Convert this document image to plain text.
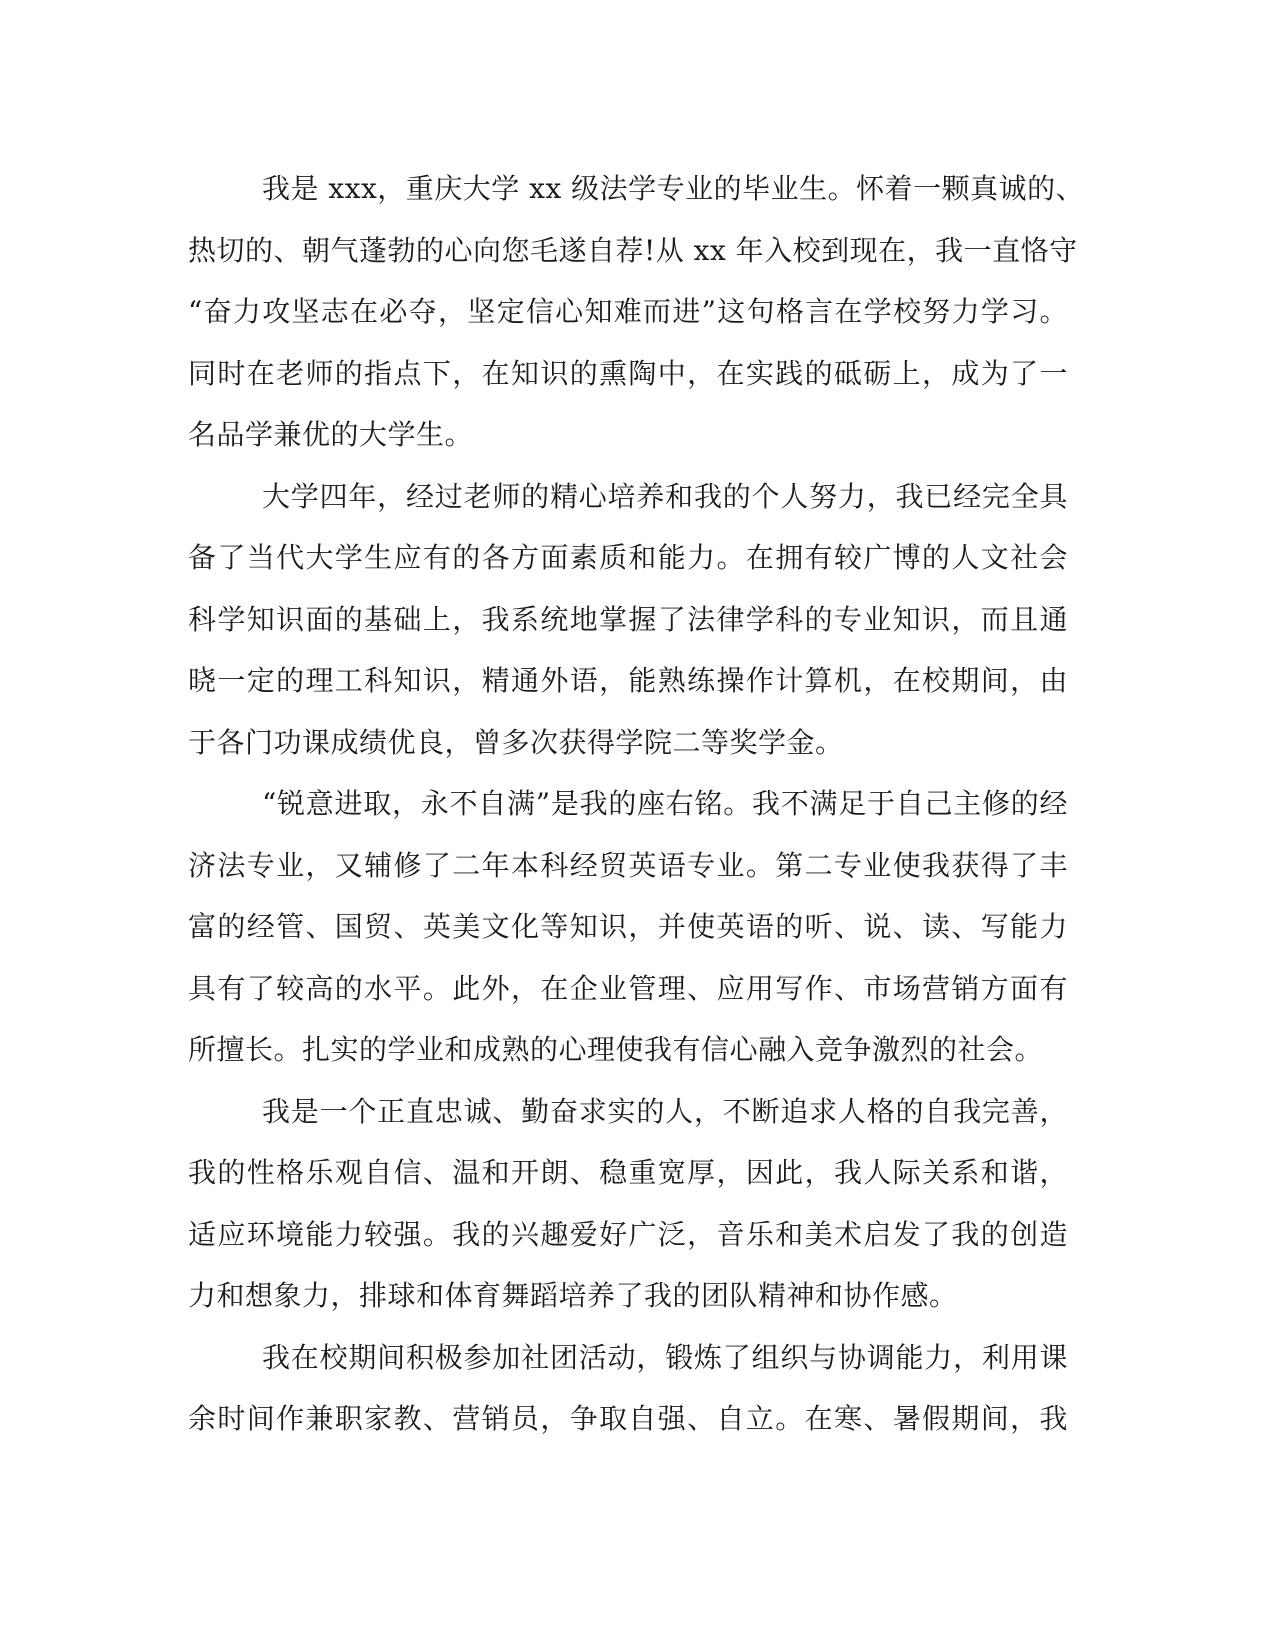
我是 xxx，重庆大学 xx 级法学专业的毕业生。怀着一颗真诚的、
热切的、朝气蓬勃的心向您毛遂自荐!从 xx 年入校到现在，我一直恪守
“奋力攻坚志在必夺，坚定信心知难而进”这句格言在学校努力学习。
同时在老师的指点下，在知识的熏陶中，在实践的砥砺上，成为了一
名品学兼优的大学生。

大学四年，经过老师的精心培养和我的个人努力，我已经完全具
备了当代大学生应有的各方面素质和能力。在拥有较广博的人文社会
科学知识面的基础上，我系统地掌握了法律学科的专业知识，而且通
晓一定的理工科知识，精通外语，能熟练操作计算机，在校期间，由
于各门功课成绩优良，曾多次获得学院二等奖学金。

“锐意进取，永不自满”是我的座右铭。我不满足于自己主修的经
济法专业，又辅修了二年本科经贸英语专业。第二专业使我获得了丰
富的经管、国贸、英美文化等知识，并使英语的听、说、读、写能力
具有了较高的水平。此外，在企业管理、应用写作、市场营销方面有
所擅长。扎实的学业和成熟的心理使我有信心融入竞争激烈的社会。

我是一个正直忠诚、勤奋求实的人，不断追求人格的自我完善，
我的性格乐观自信、温和开朗、稳重宽厚，因此，我人际关系和谐，
适应环境能力较强。我的兴趣爱好广泛，音乐和美术启发了我的创造
力和想象力，排球和体育舞蹈培养了我的团队精神和协作感。

我在校期间积极参加社团活动，锻炼了组织与协调能力，利用课
余时间作兼职家教、营销员，争取自强、自立。在寒、暑假期间，我
